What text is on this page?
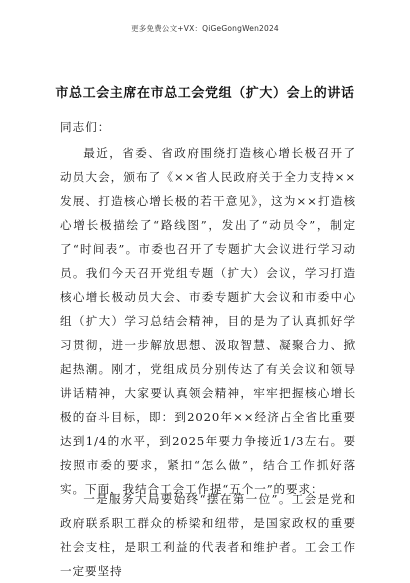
更多免费公文+VX：QiGeGongWen2024
市总工会主席在市总工会党组（扩大）会上的讲话
同志们：

最近，省委、省政府围绕打造核心增长极召开了动员大会，颁布了《××省人民政府关于全力支持××发展、打造核心增长极的若干意见》，这为××打造核心增长极描绘了“路线图”，发出了“动员令”，制定了“时间表”。市委也召开了专题扩大会议进行学习动员。我们今天召开党组专题（扩大）会议，学习打造核心增长极动员大会、市委专题扩大会议和市委中心组（扩大）学习总结会精神，目的是为了认真抓好学习贯彻，进一步解放思想、汲取智慧、凝聚合力、掀起热潮。刚才，党组成员分别传达了有关会议和领导讲话精神，大家要认真领会精神，牢牢把握核心增长极的奋斗目标，即：到2020年××经济占全省比重要达到1/4的水平，到2025年要力争接近1/3左右。要按照市委的要求，紧扣“怎么做”，结合工作抓好落实。下面，我结合工会工作提“五个一”的要求：

一是服务大局要始终“摆在第一位”。工会是党和政府联系职工群众的桥梁和纽带，是国家政权的重要社会支柱，是职工利益的代表者和维护者。工会工作一定要坚持
